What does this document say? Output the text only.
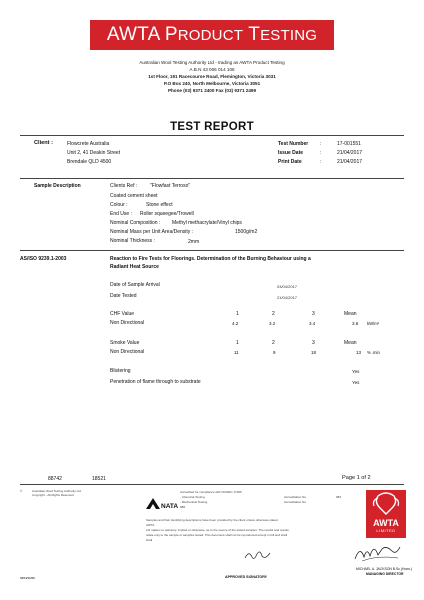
AWTA PRODUCT TESTING
Australian Wool Testing Authority Ltd - trading as AWTA Product Testing
A.B.N 43 006 014 106
1st Floor, 191 Racecourse Road, Flemington, Victoria 3031
P.O Box 240, North Melbourne, Victoria 3051
Phone (03) 9371 2400 Fax (03) 9371 2499
TEST REPORT
Client :	Flowcrete Australia
Unit 2, 41 Deakin Street
Brendale QLD 4500
Test Number :	17-001551
Issue Date	:	21/04/2017
Print Date	:	21/04/2017
Sample Description	Clients Ref :	"Flowfast Terroso"
Coated cement sheet
Colour :	Stone effect
End Use : Roller squeegee/Trowell
Nominal Composition : Methyl methacrylate/Vinyl chips
Nominal Mass per Unit Area/Density :	1500g/m2
Nominal Thickness :	2mm
AS/ISO 9239.1-2003	Reaction to Fire Tests for Floorings. Determination of the Burning Behaviour using a
Radiant Heat Source
Date of Sample Arrival	03/04/2017
Date Tested	21/04/2017
CHF Value	1	2	3	Mean
Non Directional	4.2	3.2	3.4	3.6 kW/m²
Smoke Value	1	2	3	Mean
Non Directional	11	9	18	13 % .min
Blistering	Yes
Penetration of flame through to substrate	Yes
88742	18521	Page 1 of 2
©	Australian Wool Testing Authority Ltd
Copyright - All Rights Reserved
NATA
Accredited for compliance with ISO/IEC 17025
- Chemical Testing
- Mechanical Testing
988
Accreditation No.	983
Accreditation No.
Samples and their identifying descriptions have been provided by the client unless otherwise stated.
AWTA
Ltd makes no warranty, implied or otherwise, as to the source of the tested samples. The results and results
relate only to the sample or samples tested. This document shall not be reproduced except in full and shall
shall
AWTA
LIMITED
APPROVED SIGNATORY
MICHAEL A. JACKSON B.Sc.(Hons.)
MANAGING DIRECTOR
0204/11/06
